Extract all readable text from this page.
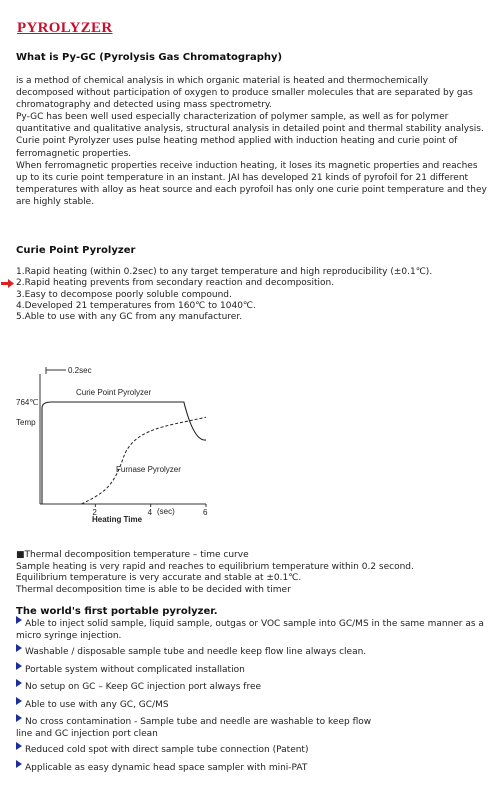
PYROLYZER
What is Py-GC (Pyrolysis Gas Chromatography)

is a method of chemical analysis in which organic material is heated and thermochemically decomposed without participation of oxygen to produce smaller molecules that are separated by gas chromatography and detected using mass spectrometry.

Py-GC has been well used especially characterization of polymer sample, as well as for polymer quantitative and qualitative analysis, structural analysis in detailed point and thermal stability analysis.

Curie point Pyrolyzer uses pulse heating method applied with induction heating and curie point of ferromagnetic properties.

When ferromagnetic properties receive induction heating, it loses its magnetic properties and reaches up to its curie point temperature in an instant. JAI has developed 21 kinds of pyrofoil for 21 different temperatures with alloy as heat source and each pyrofoil has only one curie point temperature and they are highly stable.

Curie Point Pyrolyzer
1.Rapid heating (within 0.2sec) to any target temperature and high reproducibility (±0.1℃).
2.Rapid heating prevents from secondary reaction and decomposition.
3.Easy to decompose poorly soluble compound.
4.Developed 21 temperatures from 160℃ to 1040℃.
5.Able to use with any GC from any manufacturer.
0.2sec
764℃
Temp
Curie Point Pyrolyzer
Furnase Pyrolyzer
2	4	6
Heating Time
(sec)

■Thermal decomposition temperature – time curve

Sample heating is very rapid and reaches to equilibrium temperature within 0.2 second.

Equilibrium temperature is very accurate and stable at ±0.1℃.

Thermal decomposition time is able to be decided with timer

The world's first portable pyrolyzer.
Able to inject solid sample, liquid sample, outgas or VOC sample into GC/MS in the same manner as a
micro syringe injection.
Washable / disposable sample tube and needle keep flow line always clean.
Portable system without complicated installation
No setup on GC – Keep GC injection port always free
Able to use with any GC, GC/MS
No cross contamination - Sample tube and needle are washable to keep flow
line and GC injection port clean
Reduced cold spot with direct sample tube connection (Patent)
Applicable as easy dynamic head space sampler with mini-PAT
